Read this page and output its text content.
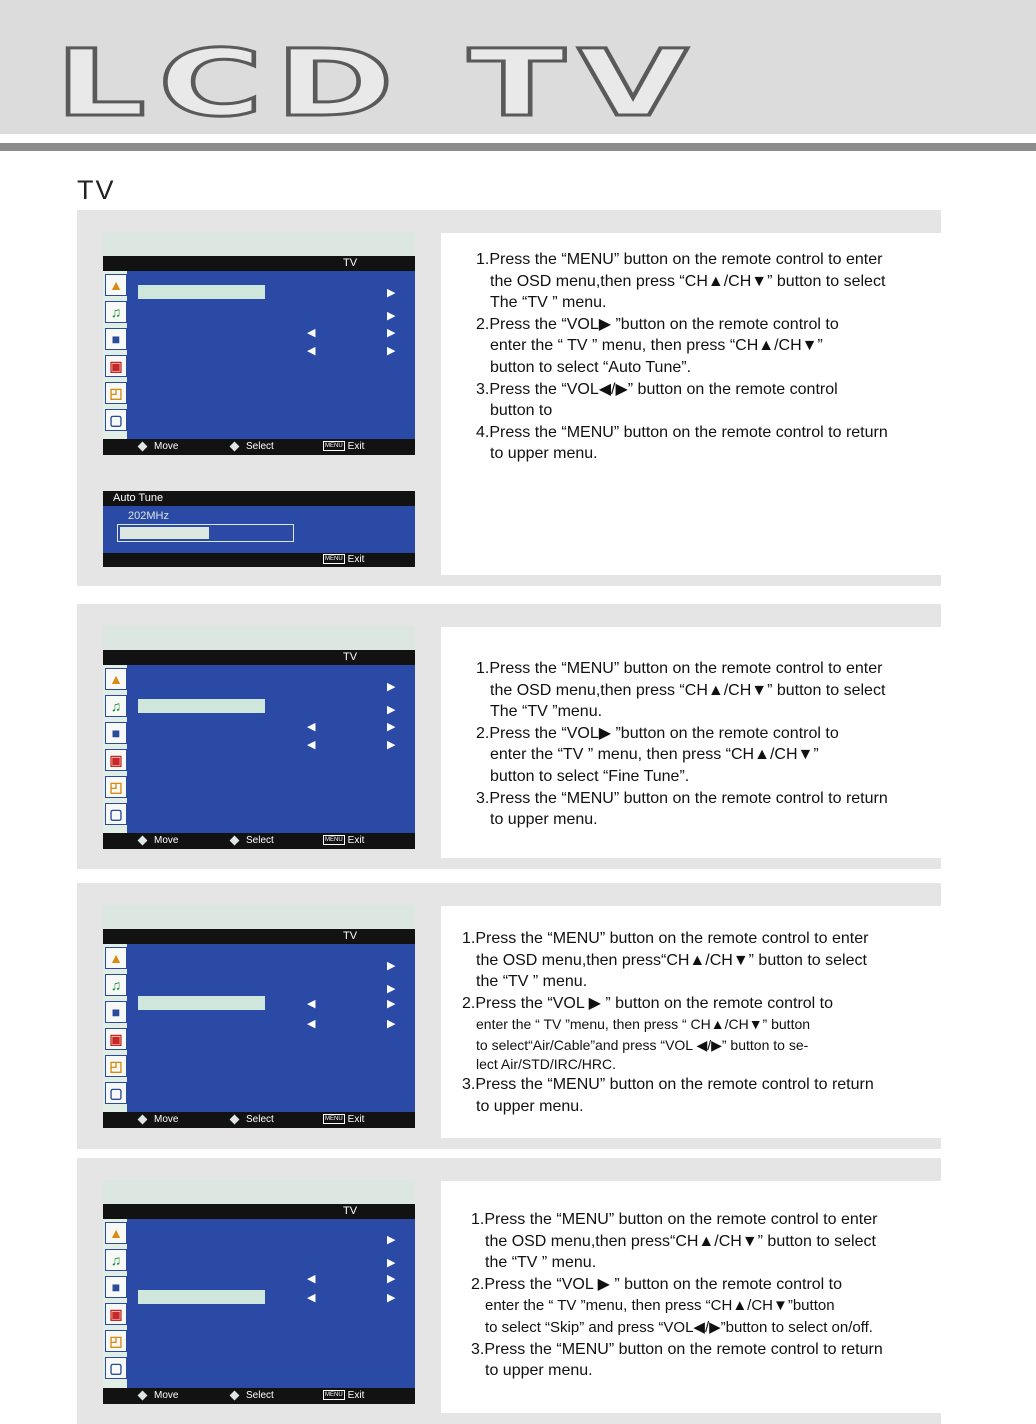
LCD TV
TV
TV
▲
♫
■
▣
◰
▢
▶
▶
◀	▶
◀	▶
Move	Select	MENU Exit
Auto Tune
202MHz
MENU Exit
TV
▲
♫
■
▣
◰
▢
▶
▶
◀	▶
◀	▶
Move	Select	MENU Exit
TV
▲
♫
■
▣
◰
▢
▶
▶
◀	▶
◀	▶
Move	Select	MENU Exit
TV
▲
♫
■
▣
◰
▢
▶
▶
◀	▶
◀	▶
Move	Select	MENU Exit
1.Press the “MENU” button on the remote control to enter
the OSD menu,then press “CH▲/CH▼” button to select
The “TV ” menu.
2.Press the “VOL▶ ”button on the remote control to
enter the “ TV ” menu, then press “CH▲/CH▼”
button to select “Auto Tune”.
3.Press the “VOL◀/▶” button on the remote control
button to
4.Press the “MENU” button on the remote control to return
to upper menu.
1.Press the “MENU” button on the remote control to enter
the OSD menu,then press “CH▲/CH▼” button to select
The “TV ”menu.
2.Press the “VOL▶ ”button on the remote control to
enter the “TV ” menu, then press “CH▲/CH▼”
button to select “Fine Tune”.
3.Press the “MENU” button on the remote control to return
to upper menu.
1.Press the “MENU” button on the remote control to enter
the OSD menu,then press“CH▲/CH▼” button to select
the “TV ” menu.
2.Press the “VOL ▶ ” button on the remote control to
enter the “ TV ”menu, then press “ CH▲/CH▼” button
to select“Air/Cable”and press “VOL ◀/▶” button to se-
lect Air/STD/IRC/HRC.
3.Press the “MENU” button on the remote control to return
to upper menu.
1.Press the “MENU” button on the remote control to enter
the OSD menu,then press“CH▲/CH▼” button to select
the “TV ” menu.
2.Press the “VOL ▶ ” button on the remote control to
enter the “ TV ”menu, then press “CH▲/CH▼”button
to select “Skip” and press “VOL◀/▶”button to select on/off.
3.Press the “MENU” button on the remote control to return
to upper menu.
